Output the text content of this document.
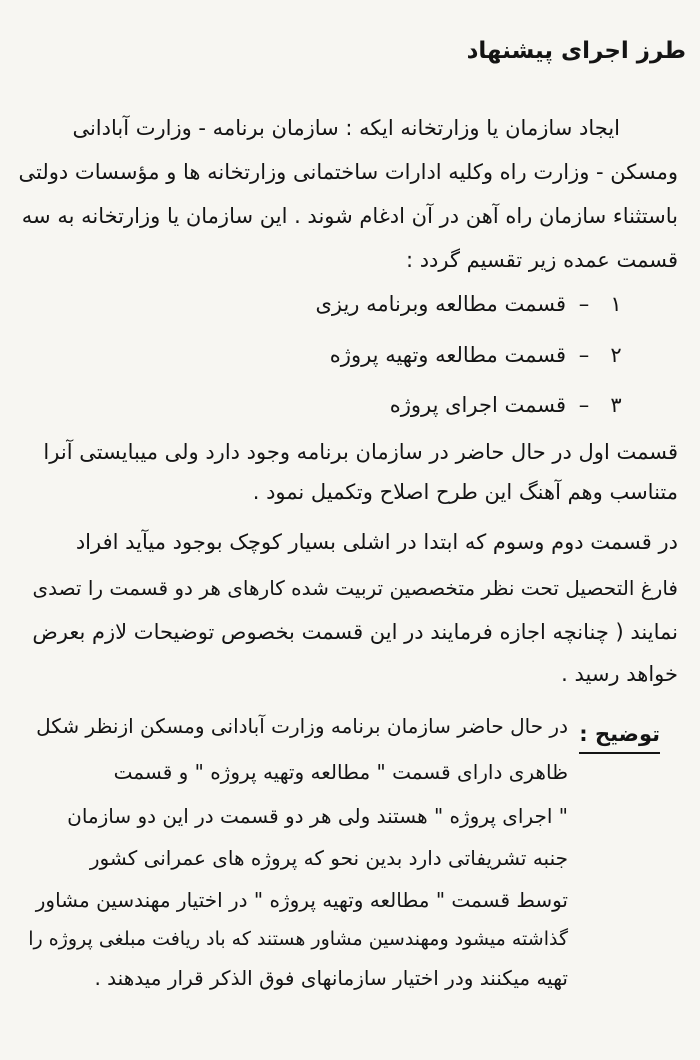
طرز اجرای پیشنهاد
ایجاد سازمان یا وزارتخانه ایکه : سازمان برنامه - وزارت آبادانی
ومسکن - وزارت راه وکلیه ادارات ساختمانی وزارتخانه ها و مؤسسات دولتی
باستثناء سازمان راه آهن در آن ادغام شوند . این سازمان یا وزارتخانه به سه
قسمت عمده زیر تقسیم گردد :
۱–قسمت مطالعه وبرنامه ریزی
۲–قسمت مطالعه وتهیه پروژه
۳–قسمت اجرای پروژه
قسمت اول در حال حاضر در سازمان برنامه وجود دارد ولی میبایستی آنرا
متناسب وهم آهنگ این طرح اصلاح وتکمیل نمود .
در قسمت دوم وسوم که ابتدا در اشلی بسیار کوچک بوجود میآید افراد
فارغ التحصیل تحت نظر متخصصین تربیت شده کارهای هر دو قسمت را تصدی
نمایند ( چنانچه اجازه فرمایند در این قسمت بخصوص توضیحات لازم بعرض
خواهد رسید .
توضیح :
در حال حاضر سازمان برنامه وزارت آبادانی ومسکن ازنظر شکل
ظاهری دارای قسمت " مطالعه وتهیه پروژه " و قسمت
" اجرای پروژه " هستند ولی هر دو قسمت در این دو سازمان
جنبه تشریفاتی دارد بدین نحو که پروژه های عمرانی کشور
توسط قسمت " مطالعه وتهیه پروژه " در اختیار مهندسین مشاور
گذاشته میشود ومهندسین مشاور هستند که باد ریافت مبلغی پروژه را
تهیه میکنند ودر اختیار سازمانهای فوق الذکر قرار میدهند .
